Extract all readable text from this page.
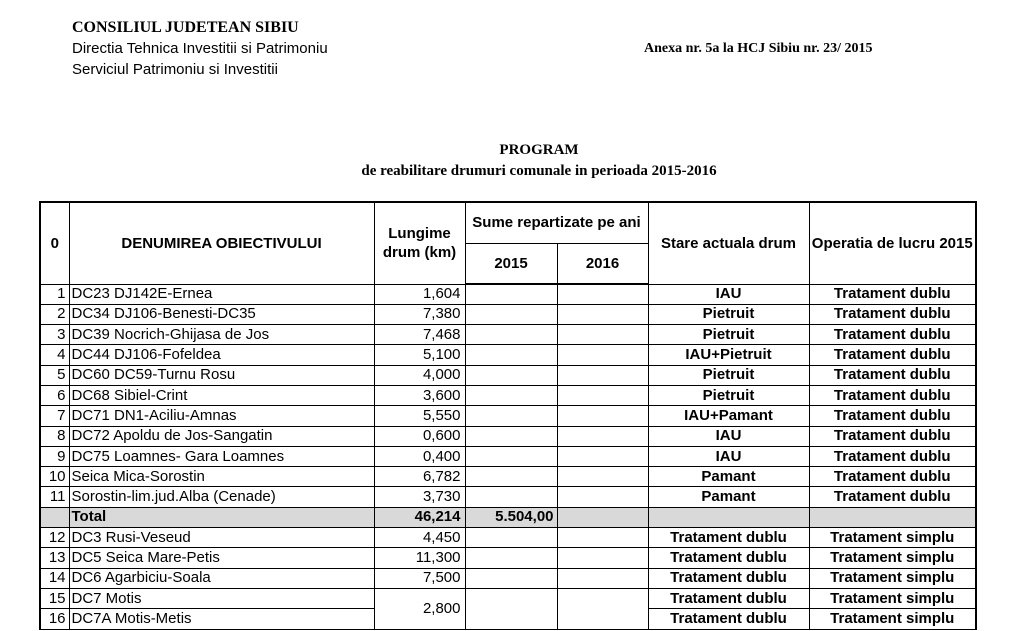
CONSILIUL JUDETEAN SIBIU
Directia Tehnica Investitii si Patrimoniu
Serviciul Patrimoniu si Investitii
Anexa nr. 5a la HCJ Sibiu nr. 23/ 2015
PROGRAM
de reabilitare drumuri comunale in perioada 2015-2016
0	DENUMIREA OBIECTIVULUI	Lungime drum (km)	Sume repartizate pe ani		Stare actuala drum	Operatia de lucru 2015
			2015	2016		
1	DC23 DJ142E-Ernea	1,604			IAU	Tratament dublu
2	DC34 DJ106-Benesti-DC35	7,380			Pietruit	Tratament dublu
3	DC39 Nocrich-Ghijasa de Jos	7,468			Pietruit	Tratament dublu
4	DC44 DJ106-Fofeldea	5,100			IAU+Pietruit	Tratament dublu
5	DC60 DC59-Turnu Rosu	4,000			Pietruit	Tratament dublu
6	DC68 Sibiel-Crint	3,600			Pietruit	Tratament dublu
7	DC71 DN1-Aciliu-Amnas	5,550			IAU+Pamant	Tratament dublu
8	DC72 Apoldu de Jos-Sangatin	0,600			IAU	Tratament dublu
9	DC75 Loamnes- Gara Loamnes	0,400			IAU	Tratament dublu
10	Seica Mica-Sorostin	6,782			Pamant	Tratament dublu
11	Sorostin-lim.jud.Alba (Cenade)	3,730			Pamant	Tratament dublu
	Total	46,214	5.504,00			
12	DC3 Rusi-Veseud	4,450			Tratament dublu	Tratament simplu
13	DC5 Seica Mare-Petis	11,300			Tratament dublu	Tratament simplu
14	DC6 Agarbiciu-Soala	7,500			Tratament dublu	Tratament simplu
15	DC7 Motis	2,800			Tratament dublu	Tratament simplu
16	DC7A Motis-Metis				Tratament dublu	Tratament simplu
